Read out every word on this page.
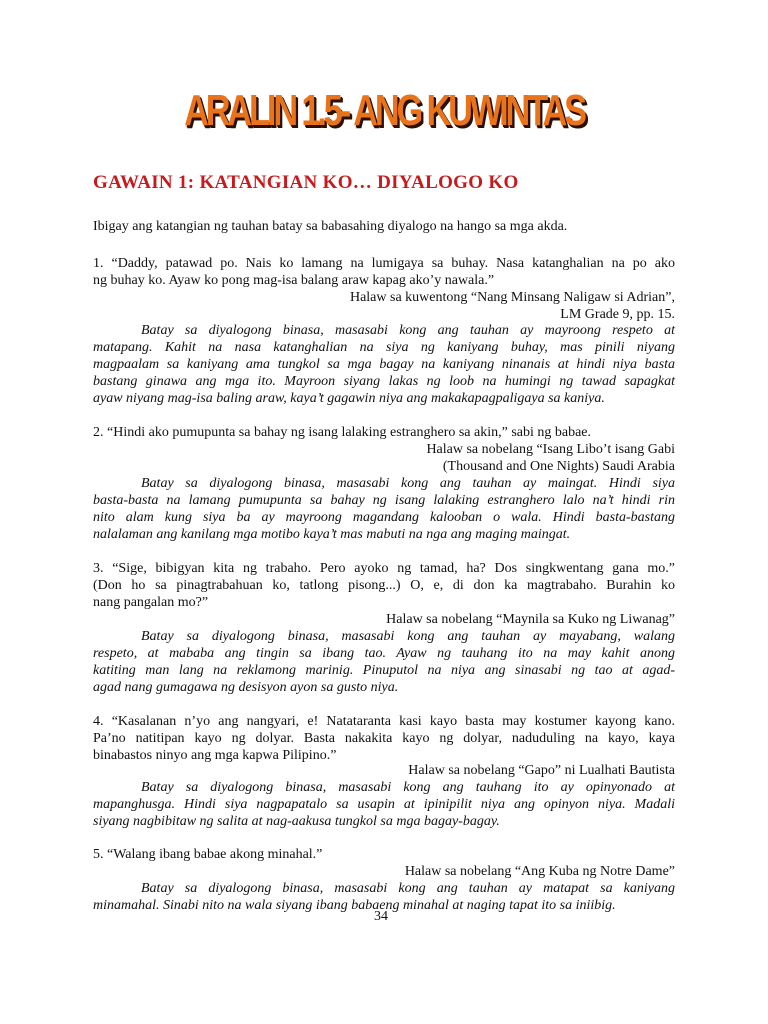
ARALIN 1.5- ANG KUWINTAS
GAWAIN 1: KATANGIAN KO… DIYALOGO KO
Ibigay ang katangian ng tauhan batay sa babasahing diyalogo na hango sa mga akda.
1. “Daddy, patawad po. Nais ko lamang na lumigaya sa buhay. Nasa katanghalian na po ako
ng buhay ko. Ayaw ko pong mag-isa balang araw kapag ako’y nawala.”
Halaw sa kuwentong “Nang Minsang Naligaw si Adrian”,
LM Grade 9, pp. 15.
Batay sa diyalogong binasa, masasabi kong ang tauhan ay mayroong respeto at
matapang. Kahit na nasa katanghalian na siya ng kaniyang buhay, mas pinili niyang
magpaalam sa kaniyang ama tungkol sa mga bagay na kaniyang ninanais at hindi niya basta
bastang ginawa ang mga ito. Mayroon siyang lakas ng loob na humingi ng tawad sapagkat
ayaw niyang mag-isa baling araw, kaya’t gagawin niya ang makakapagpaligaya sa kaniya.
2. “Hindi ako pumupunta sa bahay ng isang lalaking estranghero sa akin,” sabi ng babae.
Halaw sa nobelang “Isang Libo’t isang Gabi
(Thousand and One Nights) Saudi Arabia
Batay sa diyalogong binasa, masasabi kong ang tauhan ay maingat. Hindi siya
basta-basta na lamang pumupunta sa bahay ng isang lalaking estranghero lalo na’t hindi rin
nito alam kung siya ba ay mayroong magandang kalooban o wala. Hindi basta-bastang
nalalaman ang kanilang mga motibo kaya’t mas mabuti na nga ang maging maingat.
3. “Sige, bibigyan kita ng trabaho. Pero ayoko ng tamad, ha? Dos singkwentang gana mo.”
(Don ho sa pinagtrabahuan ko, tatlong pisong...) O, e, di don ka magtrabaho. Burahin ko
nang pangalan mo?”
Halaw sa nobelang “Maynila sa Kuko ng Liwanag”
Batay sa diyalogong binasa, masasabi kong ang tauhan ay mayabang, walang
respeto, at mababa ang tingin sa ibang tao. Ayaw ng tauhang ito na may kahit anong
katiting man lang na reklamong marinig. Pinuputol na niya ang sinasabi ng tao at agad-
agad nang gumagawa ng desisyon ayon sa gusto niya.
4. “Kasalanan n’yo ang nangyari, e! Natataranta kasi kayo basta may kostumer kayong kano.
Pa’no natitipan kayo ng dolyar. Basta nakakita kayo ng dolyar, naduduling na kayo, kaya
binabastos ninyo ang mga kapwa Pilipino.”
Halaw sa nobelang “Gapo” ni Lualhati Bautista
Batay sa diyalogong binasa, masasabi kong ang tauhang ito ay opinyonado at
mapanghusga. Hindi siya nagpapatalo sa usapin at ipinipilit niya ang opinyon niya. Madali
siyang nagbibitaw ng salita at nag-aakusa tungkol sa mga bagay-bagay.
5. “Walang ibang babae akong minahal.”
Halaw sa nobelang “Ang Kuba ng Notre Dame”
Batay sa diyalogong binasa, masasabi kong ang tauhan ay matapat sa kaniyang
minamahal. Sinabi nito na wala siyang ibang babaeng minahal at naging tapat ito sa iniibig.
34
